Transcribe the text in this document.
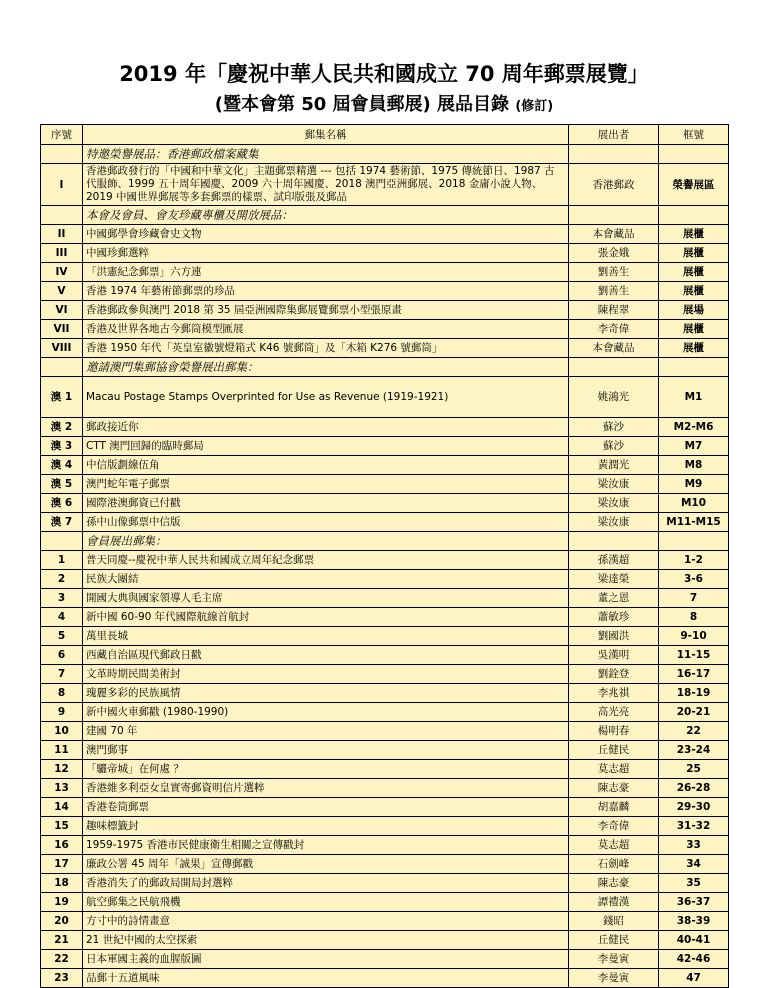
2019 年「慶祝中華人民共和國成立 70 周年郵票展覽」
(暨本會第 50 屆會員郵展) 展品目錄 (修訂)
序號	郵集名稱	展出者	框號
	特邀榮譽展品：香港郵政檔案藏集		
I	香港郵政發行的「中國和中華文化」主題郵票精選 --- 包括 1974 藝術節、1975 傳統節日、1987 古代服飾、1999 五十周年國慶、2009 六十周年國慶、2018 澳門亞洲郵展、2018 金庸小說人物、2019 中國世界郵展等多套郵票的樣票、試印版張及郵品	香港郵政	榮譽展區
	本會及會員、會友珍藏專櫃及開放展品：		
II	中國郵學會珍藏會史文物	本會藏品	展櫃
III	中國珍郵選粹	張金娥	展櫃
IV	「洪憲紀念郵票」六方連	劉善生	展櫃
V	香港 1974 年藝術節郵票的珍品	劉善生	展櫃
VI	香港郵政參與澳門 2018 第 35 屆亞洲國際集郵展覽郵票小型張原畫	陳程翠	展場
VII	香港及世界各地古今郵筒模型匯展	李奇偉	展櫃
VIII	香港 1950 年代「英皇室徽號燈箱式 K46 號郵筒」及「木箱 K276 號郵筒」	本會藏品	展櫃
	邀請澳門集郵協會榮譽展出郵集：		
澳 1	Macau Postage Stamps Overprinted for Use as Revenue (1919-1921)	姚鴻光	M1
澳 2	郵政接近你	蘇沙	M2-M6
澳 3	CTT 澳門回歸的臨時郵局	蘇沙	M7
澳 4	中信版劃線伍角	黃潤光	M8
澳 5	澳門蛇年電子郵票	梁汝康	M9
澳 6	國際港澳郵資已付戳	梁汝康	M10
澳 7	孫中山像郵票中信版	梁汝康	M11-M15
	會員展出郵集：		
1	普天同慶--慶祝中華人民共和國成立周年紀念郵票	孫漢超	1-2
2	民族大團結	梁達榮	3-6
3	開國大典與國家領導人毛主席	董之恩	7
4	新中國 60-90 年代國際航線首航封	蕭敏珍	8
5	萬里長城	劉國洪	9-10
6	西藏自治區現代郵政日戳	吳漢明	11-15
7	文革時期民間美術封	劉銓登	16-17
8	瑰麗多彩的民族風情	李兆祺	18-19
9	新中國火車郵戳 (1980-1990)	高光亮	20-21
10	建國 70 年	楊明春	22
11	澳門郵事	丘健民	23-24
12	「驪帝城」在何處 ？	莫志超	25
13	香港維多利亞女皇實寄郵資明信片選粹	陳志豪	26-28
14	香港卷筒郵票	胡嘉麟	29-30
15	趣味標籤封	李奇偉	31-32
16	1959-1975 香港市民健康衛生相關之宣傳戳封	莫志超	33
17	廉政公署 45 周年「誠果」宣傳郵戳	石劍峰	34
18	香港消失了的郵政局開局封選粹	陳志豪	35
19	航空郵集之民航飛機	譚禮漢	36-37
20	方寸中的詩情畫意	錢昭	38-39
21	21 世紀中國的太空探索	丘健民	40-41
22	日本軍國主義的血腥版圖	李曼寅	42-46
23	品郵十五道風味	李曼寅	47
